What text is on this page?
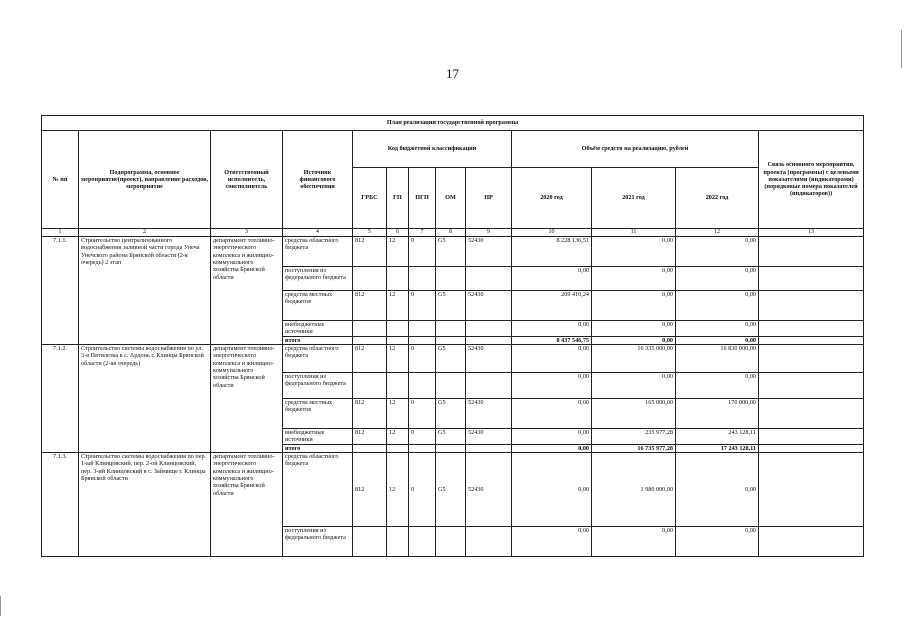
17
План реализации государственной программы												
№ пп	Подпрограмма, основное мероприятие(проект), направление расходов, мероприятие	Ответственный исполнитель, соисполнитель	Источник финансового обеспечения	Код бюджетной классификации					Объём средств на реализацию, рублей			Связь основного мероприятия, проекта (программы) с целевыми показателями (индикаторами) (порядковые номера показателей (индикаторов))
				ГРБС	ГП	ПГП	ОМ	НР	2020 год	2021 год	2022 год	
1	2	3	4	5	6	7	8	9	10	11	12	13
7.1.1.	Строительство централизованного водоснабжения заливной части города Унеча Унечского района Брянской области (2-я очередь) 2 этап	департамент топливно-энергетического комплекса и жилищно-коммунального хозяйства Брянской области	средства областного бюджета	812	12	0	G5	52430	8 228 136,51	0,00	0,00	
			поступления из федерального бюджета						0,00	0,00	0,00	
			средства местных бюджетов	812	12	0	G5	52430	209 410,24	0,00	0,00	
			внебюджетные источники						0,00	0,00	0,00	
			итого						8 437 546,75	0,00	0,00	
7.1.2.	Строительство системы водоснабжения по ул. 3-я Пятилетка в с. Ардонь г. Клинцы Брянской области (2-ая очередь)	департамент топливно-энергетического комплекса и жилищно-коммунального хозяйства Брянской области	средства областного бюджета	812	12	0	G5	52430	0,00	16 335 000,00	16 830 000,00	
			поступления из федерального бюджета						0,00	0,00	0,00	
			средства местных бюджетов	812	12	0	G5	52430	0,00	165 000,00	170 000,00	
			внебюджетные источники	812	12	0	G5	52430	0,00	235 977,28	243 128,11	
			итого						0,00	16 735 977,28	17 243 128,11	
7.1.3.	Строительство системы водоснабжения по пер. 1-ый Клинцовский, пер. 2-ой Клинцовский, пер. 3-ий Клинцовский в с. Займище г. Клинцы Брянской области	департамент топливно-энергетического комплекса и жилищно-коммунального хозяйства Брянской области	средства областного бюджета	812	12	0	G5	52430	0,00	1 980 000,00	0,00	
			поступления из федерального бюджета						0,00	0,00	0,00	
